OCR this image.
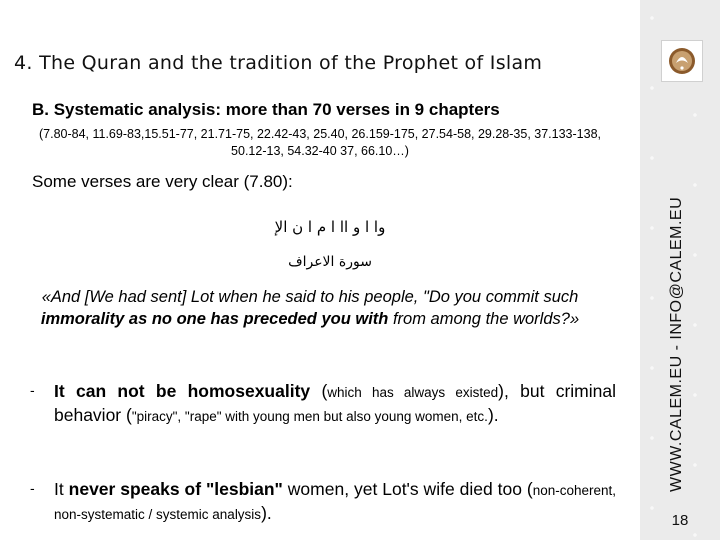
4. The Quran and the tradition of the Prophet of Islam
B. Systematic analysis: more than 70 verses in 9 chapters

(7.80-84, 11.69-83,15.51-77, 21.71-75, 22.42-43, 25.40, 26.159-175, 27.54-58, 29.28-35, 37.133-138, 50.12-13, 54.32-40 37, 66.10…)

Some verses are very clear (7.80):

وا ا و اا ا م ا ن اﻹ

سورة الاعراف

«And [We had sent] Lot when he said to his people, "Do you commit such immorality as no one has preceded you with from among the worlds?»

- It can not be homosexuality (which has always existed), but criminal behavior ("piracy", "rape" with young men but also young women, etc.).
- It never speaks of "lesbian" women, yet Lot's wife died too (non-coherent, non-systematic / systemic analysis).
WWW.CALEM.EU - INFO@CALEM.EU
18
